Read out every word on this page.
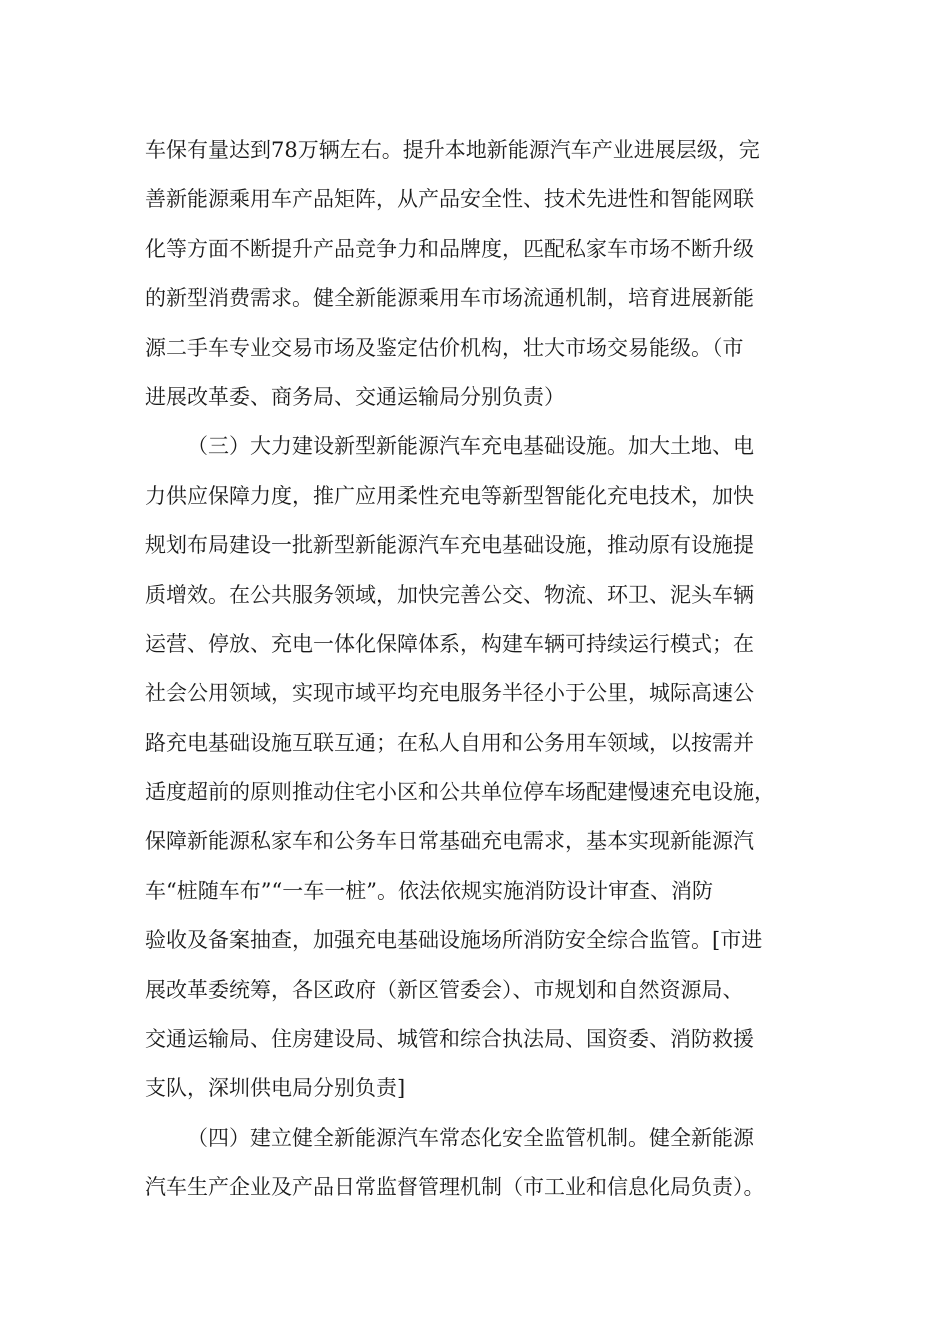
车保有量达到78万辆左右。提升本地新能源汽车产业进展层级，完
善新能源乘用车产品矩阵，从产品安全性、技术先进性和智能网联
化等方面不断提升产品竞争力和品牌度，匹配私家车市场不断升级
的新型消费需求。健全新能源乘用车市场流通机制，培育进展新能
源二手车专业交易市场及鉴定估价机构，壮大市场交易能级。（市
进展改革委、商务局、交通运输局分别负责）
（三）大力建设新型新能源汽车充电基础设施。加大土地、电
力供应保障力度，推广应用柔性充电等新型智能化充电技术，加快
规划布局建设一批新型新能源汽车充电基础设施，推动原有设施提
质增效。在公共服务领域，加快完善公交、物流、环卫、泥头车辆
运营、停放、充电一体化保障体系，构建车辆可持续运行模式；在
社会公用领域，实现市域平均充电服务半径小于公里，城际高速公
路充电基础设施互联互通；在私人自用和公务用车领域，以按需并
适度超前的原则推动住宅小区和公共单位停车场配建慢速充电设施，
保障新能源私家车和公务车日常基础充电需求，基本实现新能源汽
车“桩随车布”“一车一桩”。依法依规实施消防设计审查、消防
验收及备案抽查，加强充电基础设施场所消防安全综合监管。[市进
展改革委统筹，各区政府（新区管委会）、市规划和自然资源局、
交通运输局、住房建设局、城管和综合执法局、国资委、消防救援
支队，深圳供电局分别负责]
（四）建立健全新能源汽车常态化安全监管机制。健全新能源
汽车生产企业及产品日常监督管理机制（市工业和信息化局负责）。
